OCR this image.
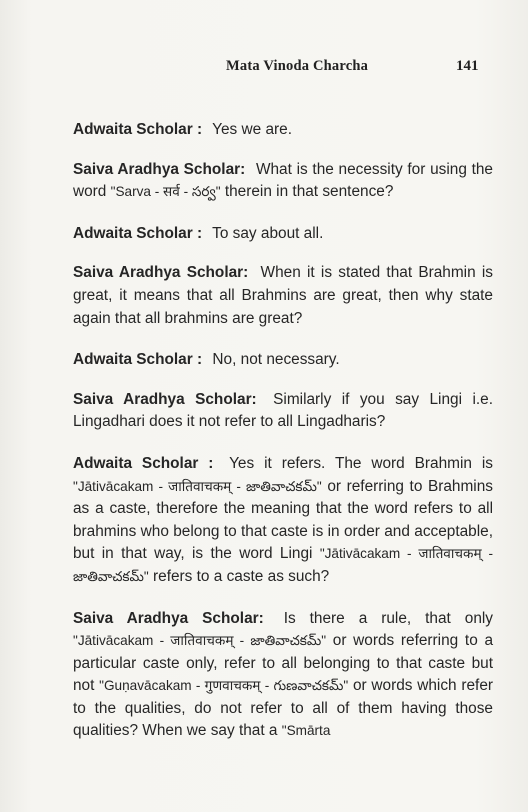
Mata Vinoda Charcha	141

Adwaita Scholar : Yes we are.

Saiva Aradhya Scholar: What is the necessity for using the word "Sarva - सर्व - సర్వ" therein in that sentence?

Adwaita Scholar : To say about all.

Saiva Aradhya Scholar: When it is stated that Brahmin is great, it means that all Brahmins are great, then why state again that all brahmins are great?

Adwaita Scholar : No, not necessary.

Saiva Aradhya Scholar: Similarly if you say Lingi i.e. Lingadhari does it not refer to all Lingadharis?

Adwaita Scholar : Yes it refers. The word Brahmin is "Jātivācakam - जातिवाचकम् - జాతివాచకమ్" or referring to Brahmins as a caste, therefore the meaning that the word refers to all brahmins who belong to that caste is in order and acceptable, but in that way, is the word Lingi "Jātivācakam - जातिवाचकम् - జాతివాచకమ్" refers to a caste as such?

Saiva Aradhya Scholar: Is there a rule, that only "Jātivācakam - जातिवाचकम् - జాతివాచకమ్" or words referring to a particular caste only, refer to all belonging to that caste but not "Guṇavācakam - गुणवाचकम् - గుణవాచకమ్" or words which refer to the qualities, do not refer to all of them having those qualities? When we say that a "Smārta
